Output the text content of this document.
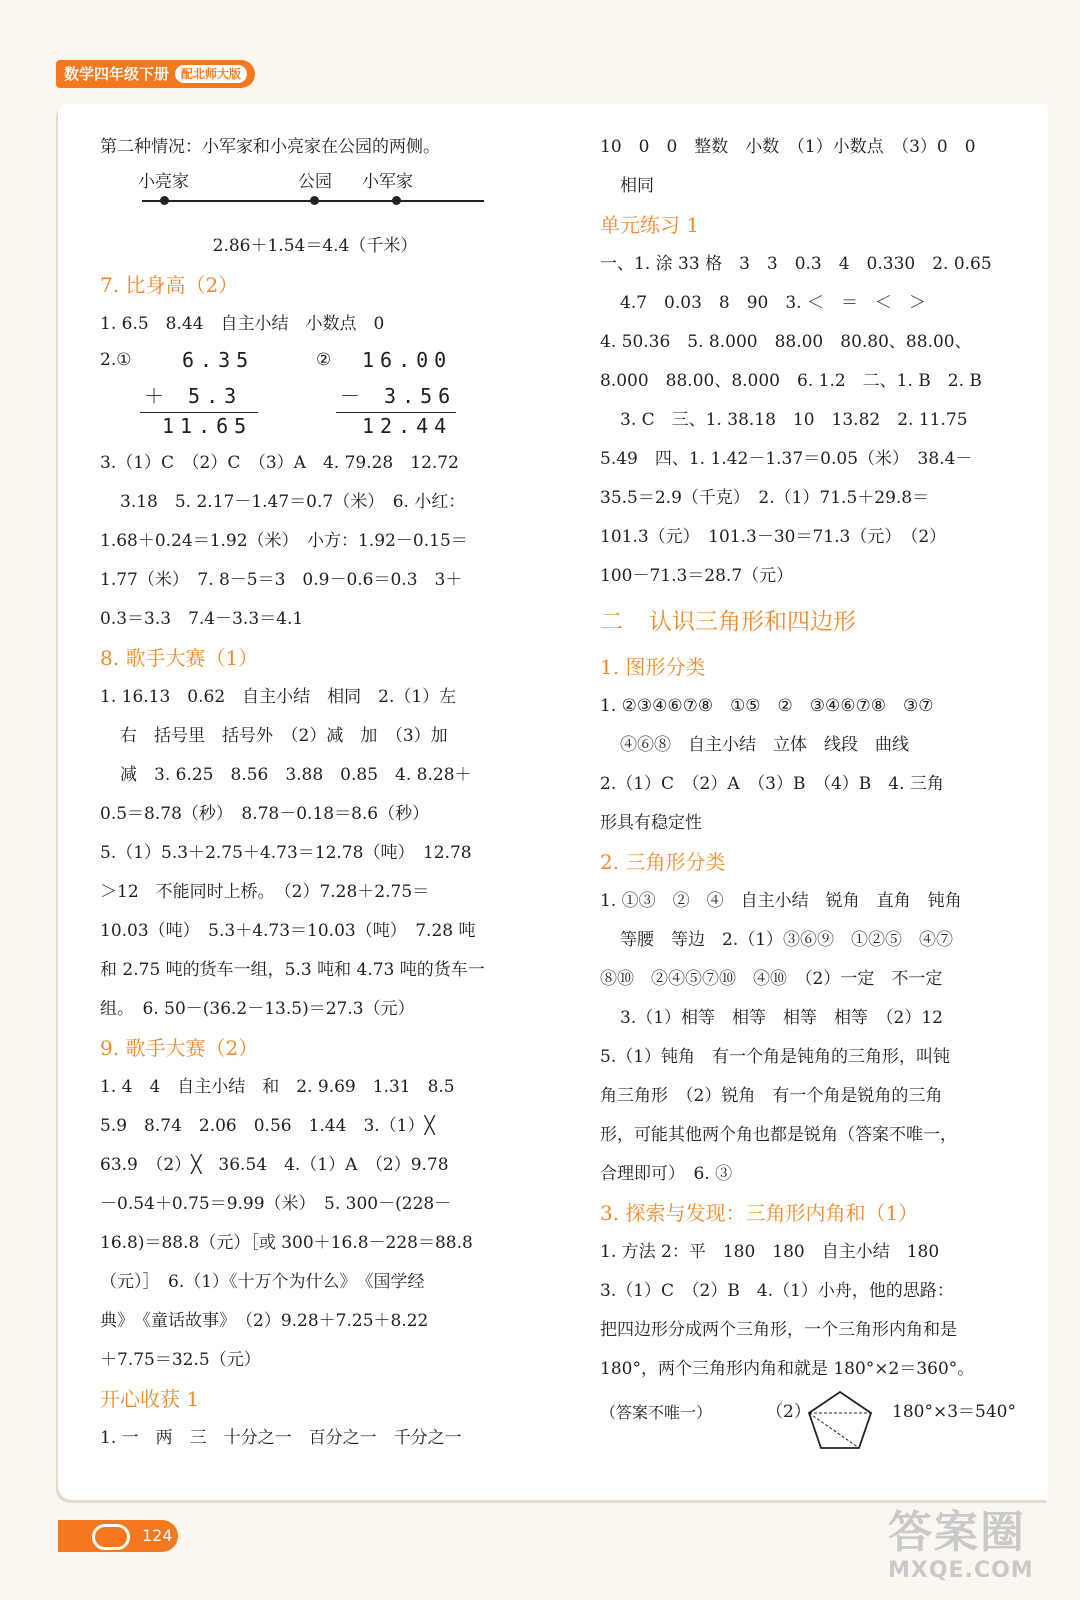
数学四年级下册	配北师大版
第二种情况：小军家和小亮家在公园的两侧。
小亮家	公园 小军家
2.86＋1.54＝4.4（千米）
7. 比身高（2）
1. 6.5　8.44　自主小结　小数点　0
2.①	6.35
＋ 5.3
11.65
② 16.00
－ 3.56
12.44
3.（1）C　（2）C　（3）A　4. 79.28　12.72
3.18　5. 2.17－1.47＝0.7（米）　6. 小红：
1.68＋0.24＝1.92（米）　小方：1.92－0.15＝
1.77（米）　7. 8－5＝3　0.9－0.6＝0.3　3＋
0.3＝3.3　7.4－3.3＝4.1
8. 歌手大赛（1）
1. 16.13　0.62　自主小结　相同　2.（1）左
右　括号里　括号外　（2）减　加　（3）加
减　3. 6.25　8.56　3.88　0.85　4. 8.28＋
0.5＝8.78（秒）　8.78－0.18＝8.6（秒）
5.（1）5.3＋2.75＋4.73＝12.78（吨）　12.78
＞12　不能同时上桥。　（2）7.28＋2.75＝
10.03（吨）　5.3＋4.73＝10.03（吨）　7.28 吨
和 2.75 吨的货车一组，5.3 吨和 4.73 吨的货车一
组。　6. 50－(36.2－13.5)＝27.3（元）
9. 歌手大赛（2）
1. 4　4　自主小结　和　2. 9.69　1.31　8.5
5.9　8.74　2.06　0.56　1.44　3.（1）╳
63.9　（2）╳　36.54　4.（1）A　（2）9.78
－0.54＋0.75＝9.99（米）　5. 300－(228－
16.8)＝88.8（元）［或 300＋16.8－228＝88.8
（元）］　6.（1）《十万个为什么》　《国学经
典》　《童话故事》　（2）9.28＋7.25＋8.22
＋7.75＝32.5（元）
开心收获 1
1. 一　两　三　十分之一　百分之一　千分之一
10　0　0　整数　小数　（1）小数点　（3）0　0
相同
单元练习 1
一、1. 涂 33 格　3　3　0.3　4　0.330　2. 0.65
4.7　0.03　8　90　3. ＜　＝　＜　＞
4. 50.36　5. 8.000　88.00　80.80、88.00、
8.000　88.00、8.000　6. 1.2　二、1. B　2. B
3. C　三、1. 38.18　10　13.82　2. 11.75
5.49　四、1. 1.42－1.37＝0.05（米）　38.4－
35.5＝2.9（千克）　2.（1）71.5＋29.8＝
101.3（元）　101.3－30＝71.3（元）　（2）
100－71.3＝28.7（元）
二 认识三角形和四边形
1. 图形分类
1. ②③④⑥⑦⑧　①⑤　②　③④⑥⑦⑧　③⑦
④⑥⑧　自主小结　立体　线段　曲线
2.（1）C　（2）A　（3）B　（4）B　4. 三角
形具有稳定性
2. 三角形分类
1. ①③　②　④　自主小结　锐角　直角　钝角
等腰　等边　2.（1）③⑥⑨　①②⑤　④⑦
⑧⑩　②④⑤⑦⑩　④⑩　（2）一定　不一定
3.（1）相等　相等　相等　相等　（2）12
5.（1）钝角　有一个角是钝角的三角形，叫钝
角三角形　（2）锐角　有一个角是锐角的三角
形，可能其他两个角也都是锐角（答案不唯一，
合理即可）　6. ③
3. 探索与发现：三角形内角和（1）
1. 方法 2：平　180　180　自主小结　180
3.（1）C　（2）B　4.（1）小舟，他的思路：
把四边形分成两个三角形，一个三角形内角和是
180°，两个三角形内角和就是 180°×2＝360°。
（答案不唯一）	（2）	180°×3＝540°
124	答案圈
MXQE.COM
